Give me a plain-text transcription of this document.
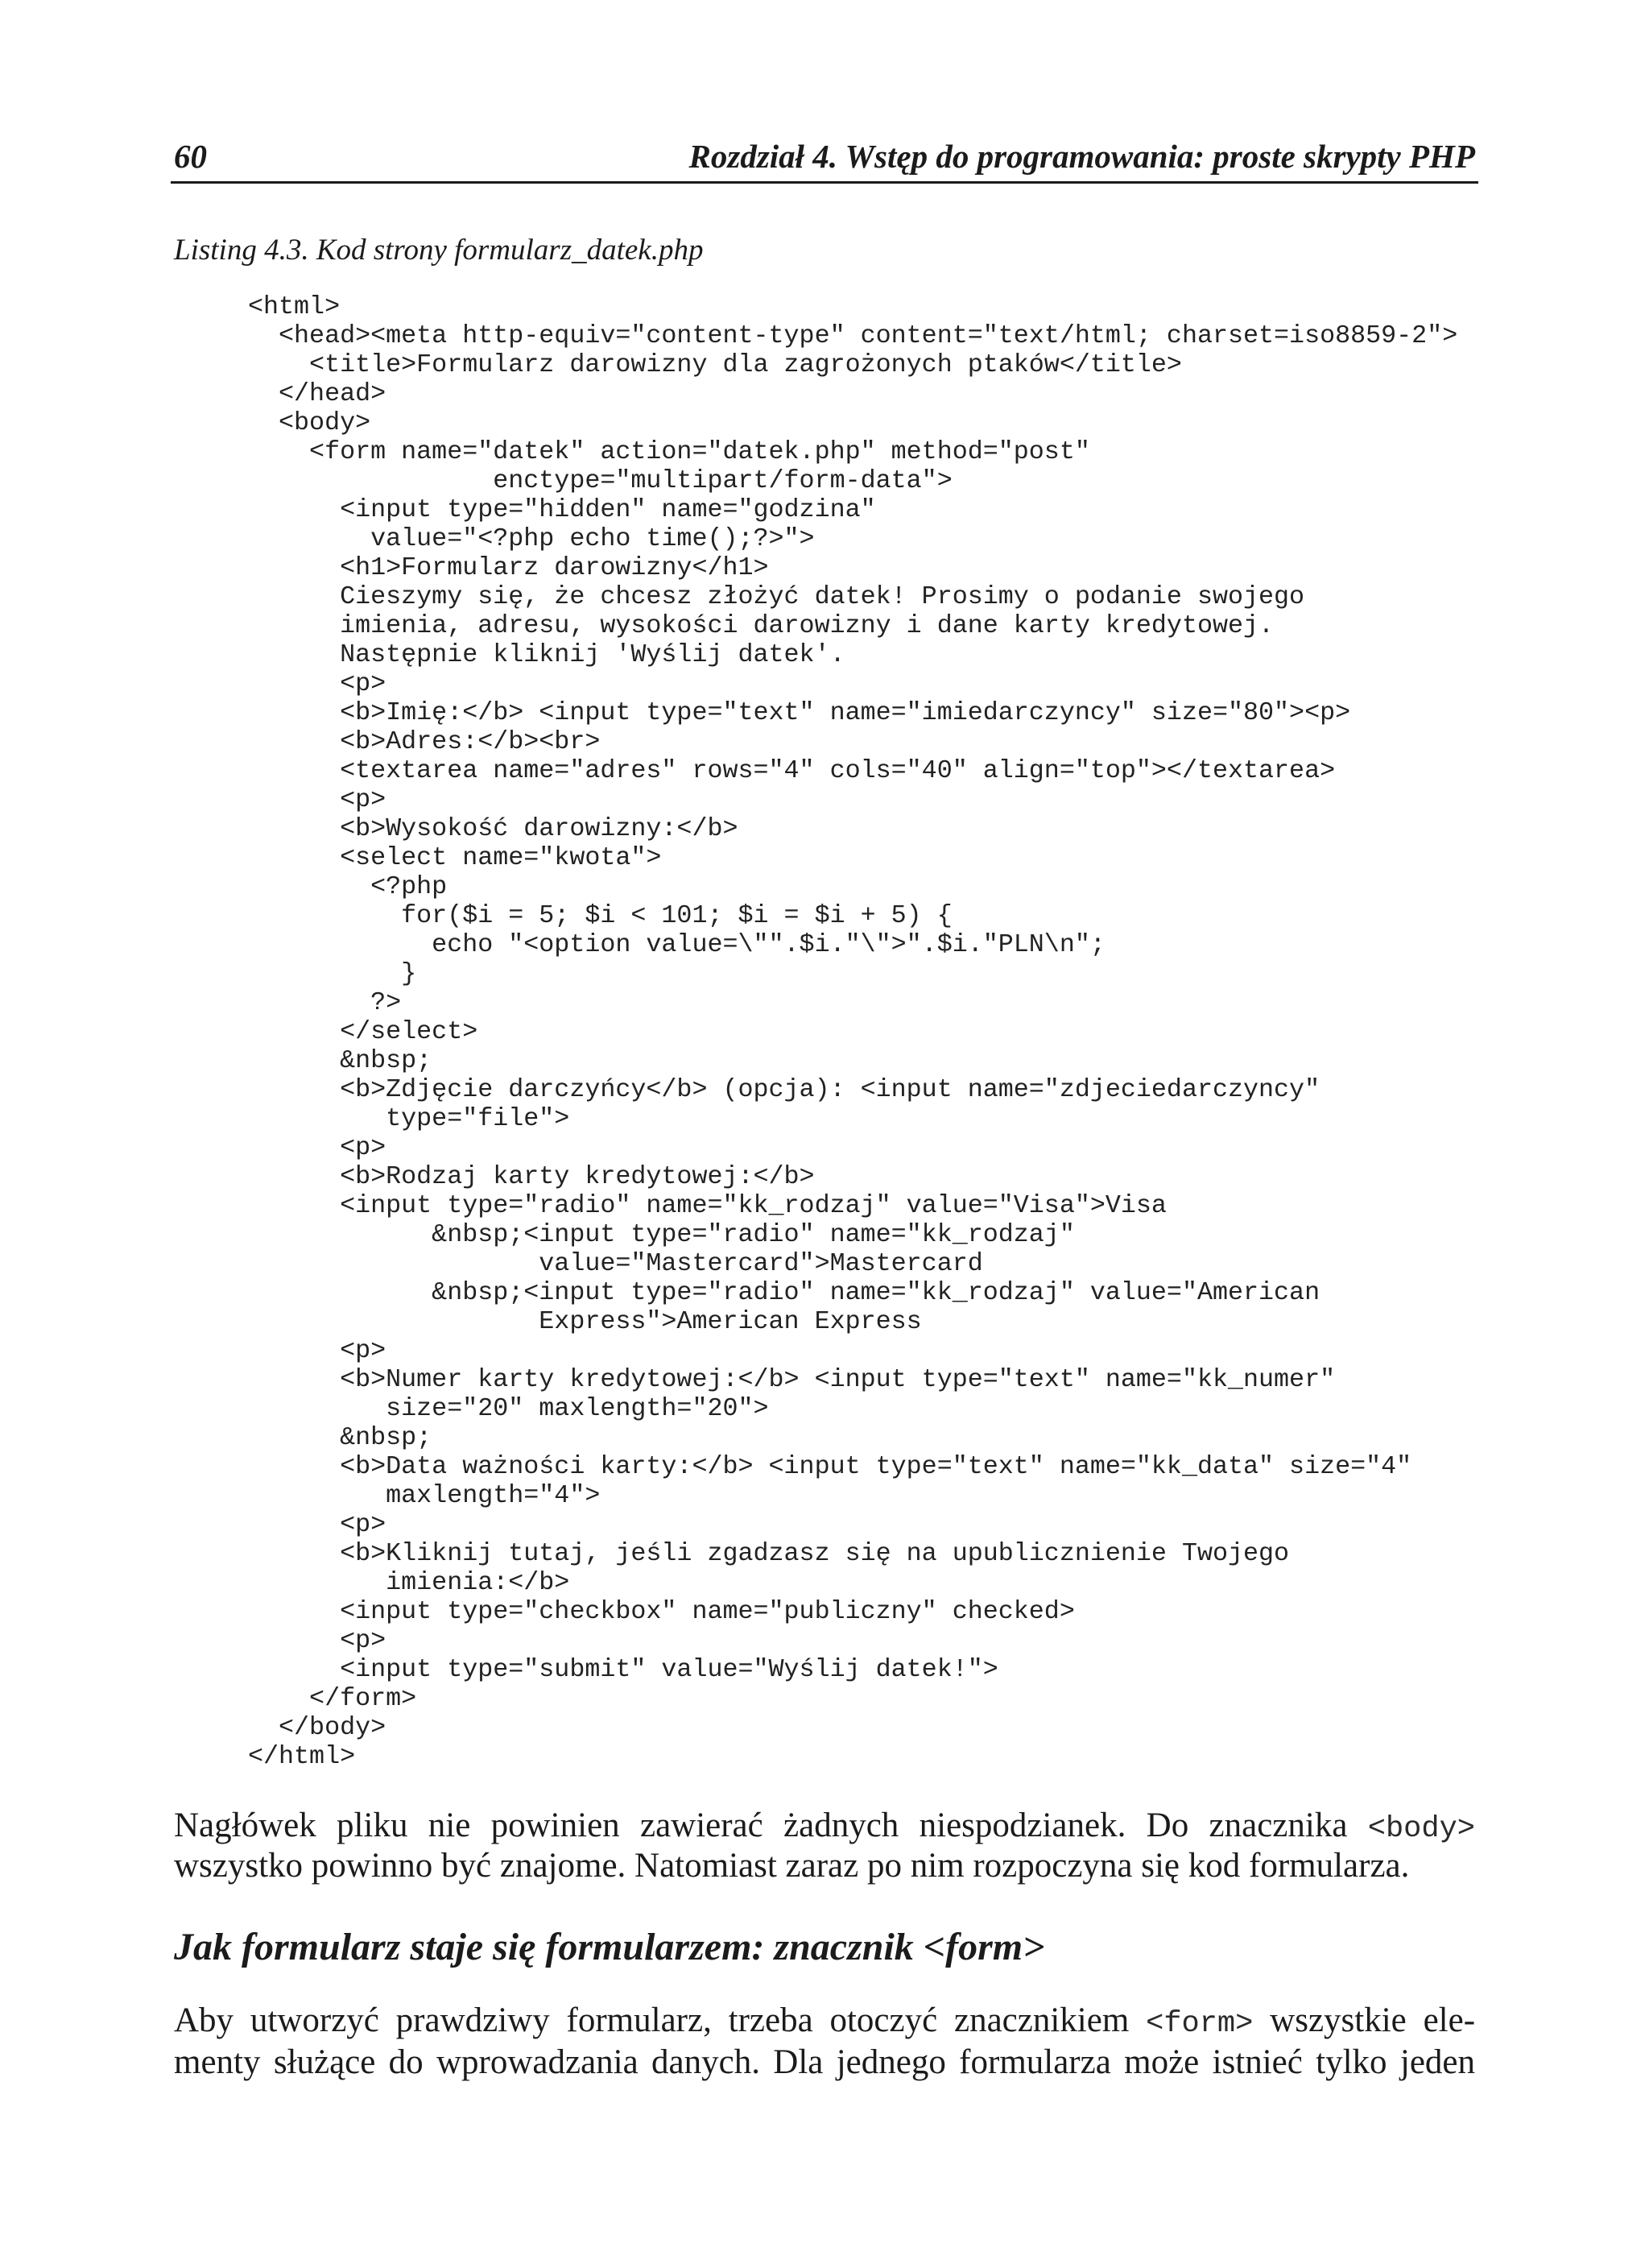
60	Rozdział 4. Wstęp do programowania: proste skrypty PHP
Listing 4.3. Kod strony formularz_datek.php
<html>
<head><meta http-equiv="content-type" content="text/html; charset=iso8859-2">
<title>Formularz darowizny dla zagrożonych ptaków</title>
</head>
<body>
<form name="datek" action="datek.php" method="post"
enctype="multipart/form-data">
<input type="hidden" name="godzina"
value="<?php echo time();?>">
<h1>Formularz darowizny</h1>
Cieszymy się, że chcesz złożyć datek! Prosimy o podanie swojego
imienia, adresu, wysokości darowizny i dane karty kredytowej.
Następnie kliknij 'Wyślij datek'.
<p>
<b>Imię:</b> <input type="text" name="imiedarczyncy" size="80"><p>
<b>Adres:</b><br>
<textarea name="adres" rows="4" cols="40" align="top"></textarea>
<p>
<b>Wysokość darowizny:</b>
<select name="kwota">
<?php
for($i = 5; $i < 101; $i = $i + 5) {
echo "<option value=\"".$i."\">".$i."PLN\n";
}
?>
</select>
&nbsp;
<b>Zdjęcie darczyńcy</b> (opcja): <input name="zdjeciedarczyncy"
type="file">
<p>
<b>Rodzaj karty kredytowej:</b>
<input type="radio" name="kk_rodzaj" value="Visa">Visa
&nbsp;<input type="radio" name="kk_rodzaj"
value="Mastercard">Mastercard
&nbsp;<input type="radio" name="kk_rodzaj" value="American
Express">American Express
<p>
<b>Numer karty kredytowej:</b> <input type="text" name="kk_numer"
size="20" maxlength="20">
&nbsp;
<b>Data ważności karty:</b> <input type="text" name="kk_data" size="4"
maxlength="4">
<p>
<b>Kliknij tutaj, jeśli zgadzasz się na upublicznienie Twojego
imienia:</b>
<input type="checkbox" name="publiczny" checked>
<p>
<input type="submit" value="Wyślij datek!">
</form>
</body>
</html>
Nagłówek pliku nie powinien zawierać żadnych niespodzianek. Do znacznika <body>
wszystko powinno być znajome. Natomiast zaraz po nim rozpoczyna się kod formularza.
Jak formularz staje się formularzem: znacznik <form>
Aby utworzyć prawdziwy formularz, trzeba otoczyć znacznikiem <form> wszystkie ele-
menty służące do wprowadzania danych. Dla jednego formularza może istnieć tylko jeden
